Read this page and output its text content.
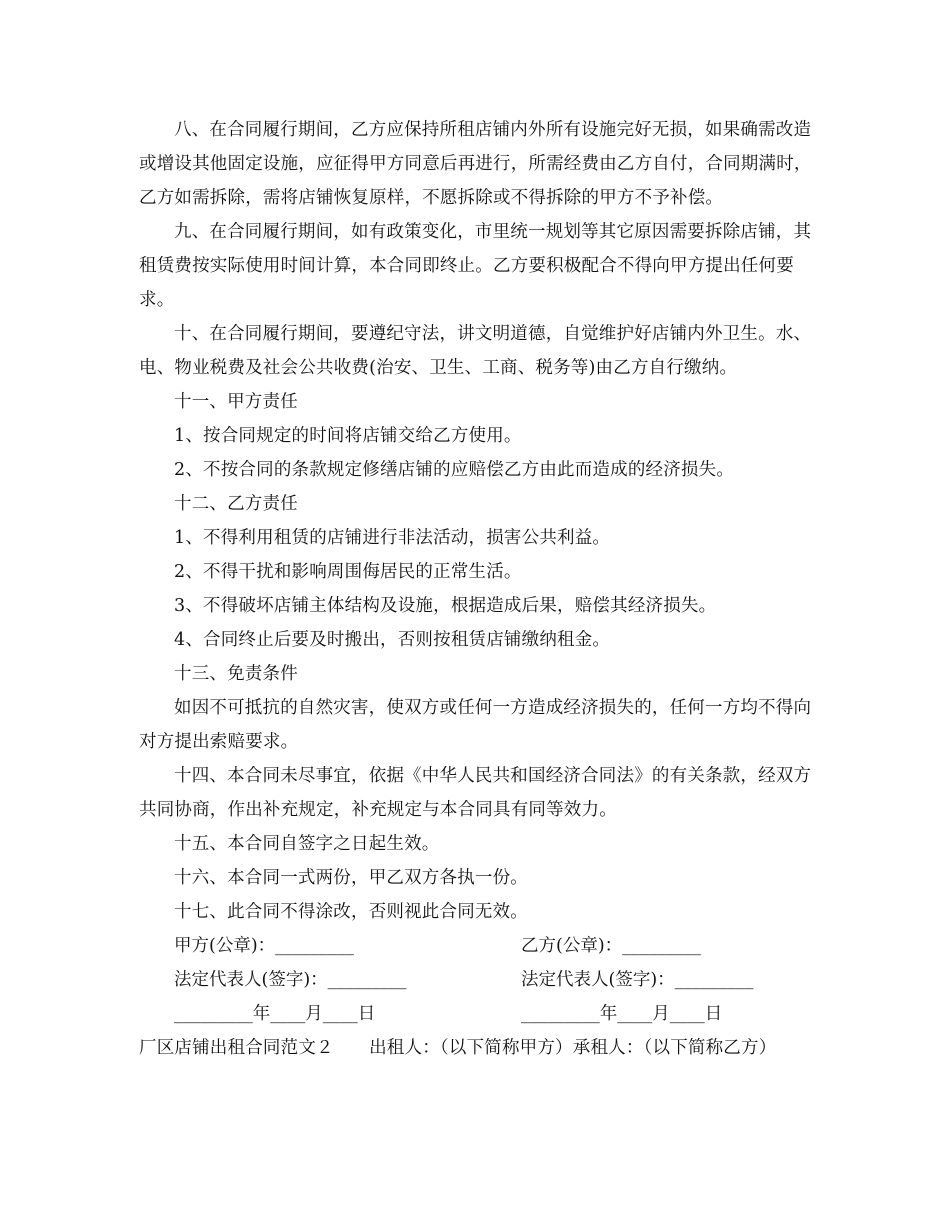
八、在合同履行期间，乙方应保持所租店铺内外所有设施完好无损，如果确需改造或增设其他固定设施，应征得甲方同意后再进行，所需经费由乙方自付，合同期满时，乙方如需拆除，需将店铺恢复原样，不愿拆除或不得拆除的甲方不予补偿。

九、在合同履行期间，如有政策变化，市里统一规划等其它原因需要拆除店铺，其租赁费按实际使用时间计算，本合同即终止。乙方要积极配合不得向甲方提出任何要求。

十、在合同履行期间，要遵纪守法，讲文明道德，自觉维护好店铺内外卫生。水、电、物业税费及社会公共收费(治安、卫生、工商、税务等)由乙方自行缴纳。

十一、甲方责任

1、按合同规定的时间将店铺交给乙方使用。

2、不按合同的条款规定修缮店铺的应赔偿乙方由此而造成的经济损失。

十二、乙方责任

1、不得利用租赁的店铺进行非法活动，损害公共利益。

2、不得干扰和影响周围侮居民的正常生活。

3、不得破坏店铺主体结构及设施，根据造成后果，赔偿其经济损失。

4、合同终止后要及时搬出，否则按租赁店铺缴纳租金。

十三、免责条件

如因不可抵抗的自然灾害，使双方或任何一方造成经济损失的，任何一方均不得向对方提出索赔要求。

十四、本合同未尽事宜，依据《中华人民共和国经济合同法》的有关条款，经双方共同协商，作出补充规定，补充规定与本合同具有同等效力。

十五、本合同自签字之日起生效。

十六、本合同一式两份，甲乙双方各执一份。

十七、此合同不得涂改，否则视此合同无效。

甲方(公章)：_________	乙方(公章)：_________
法定代表人(签字)：_________	法定代表人(签字)：_________
_________年____月____日	_________年____月____日

厂区店铺出租合同范文２　　出租人：（以下简称甲方）承租人：（以下简称乙方）
